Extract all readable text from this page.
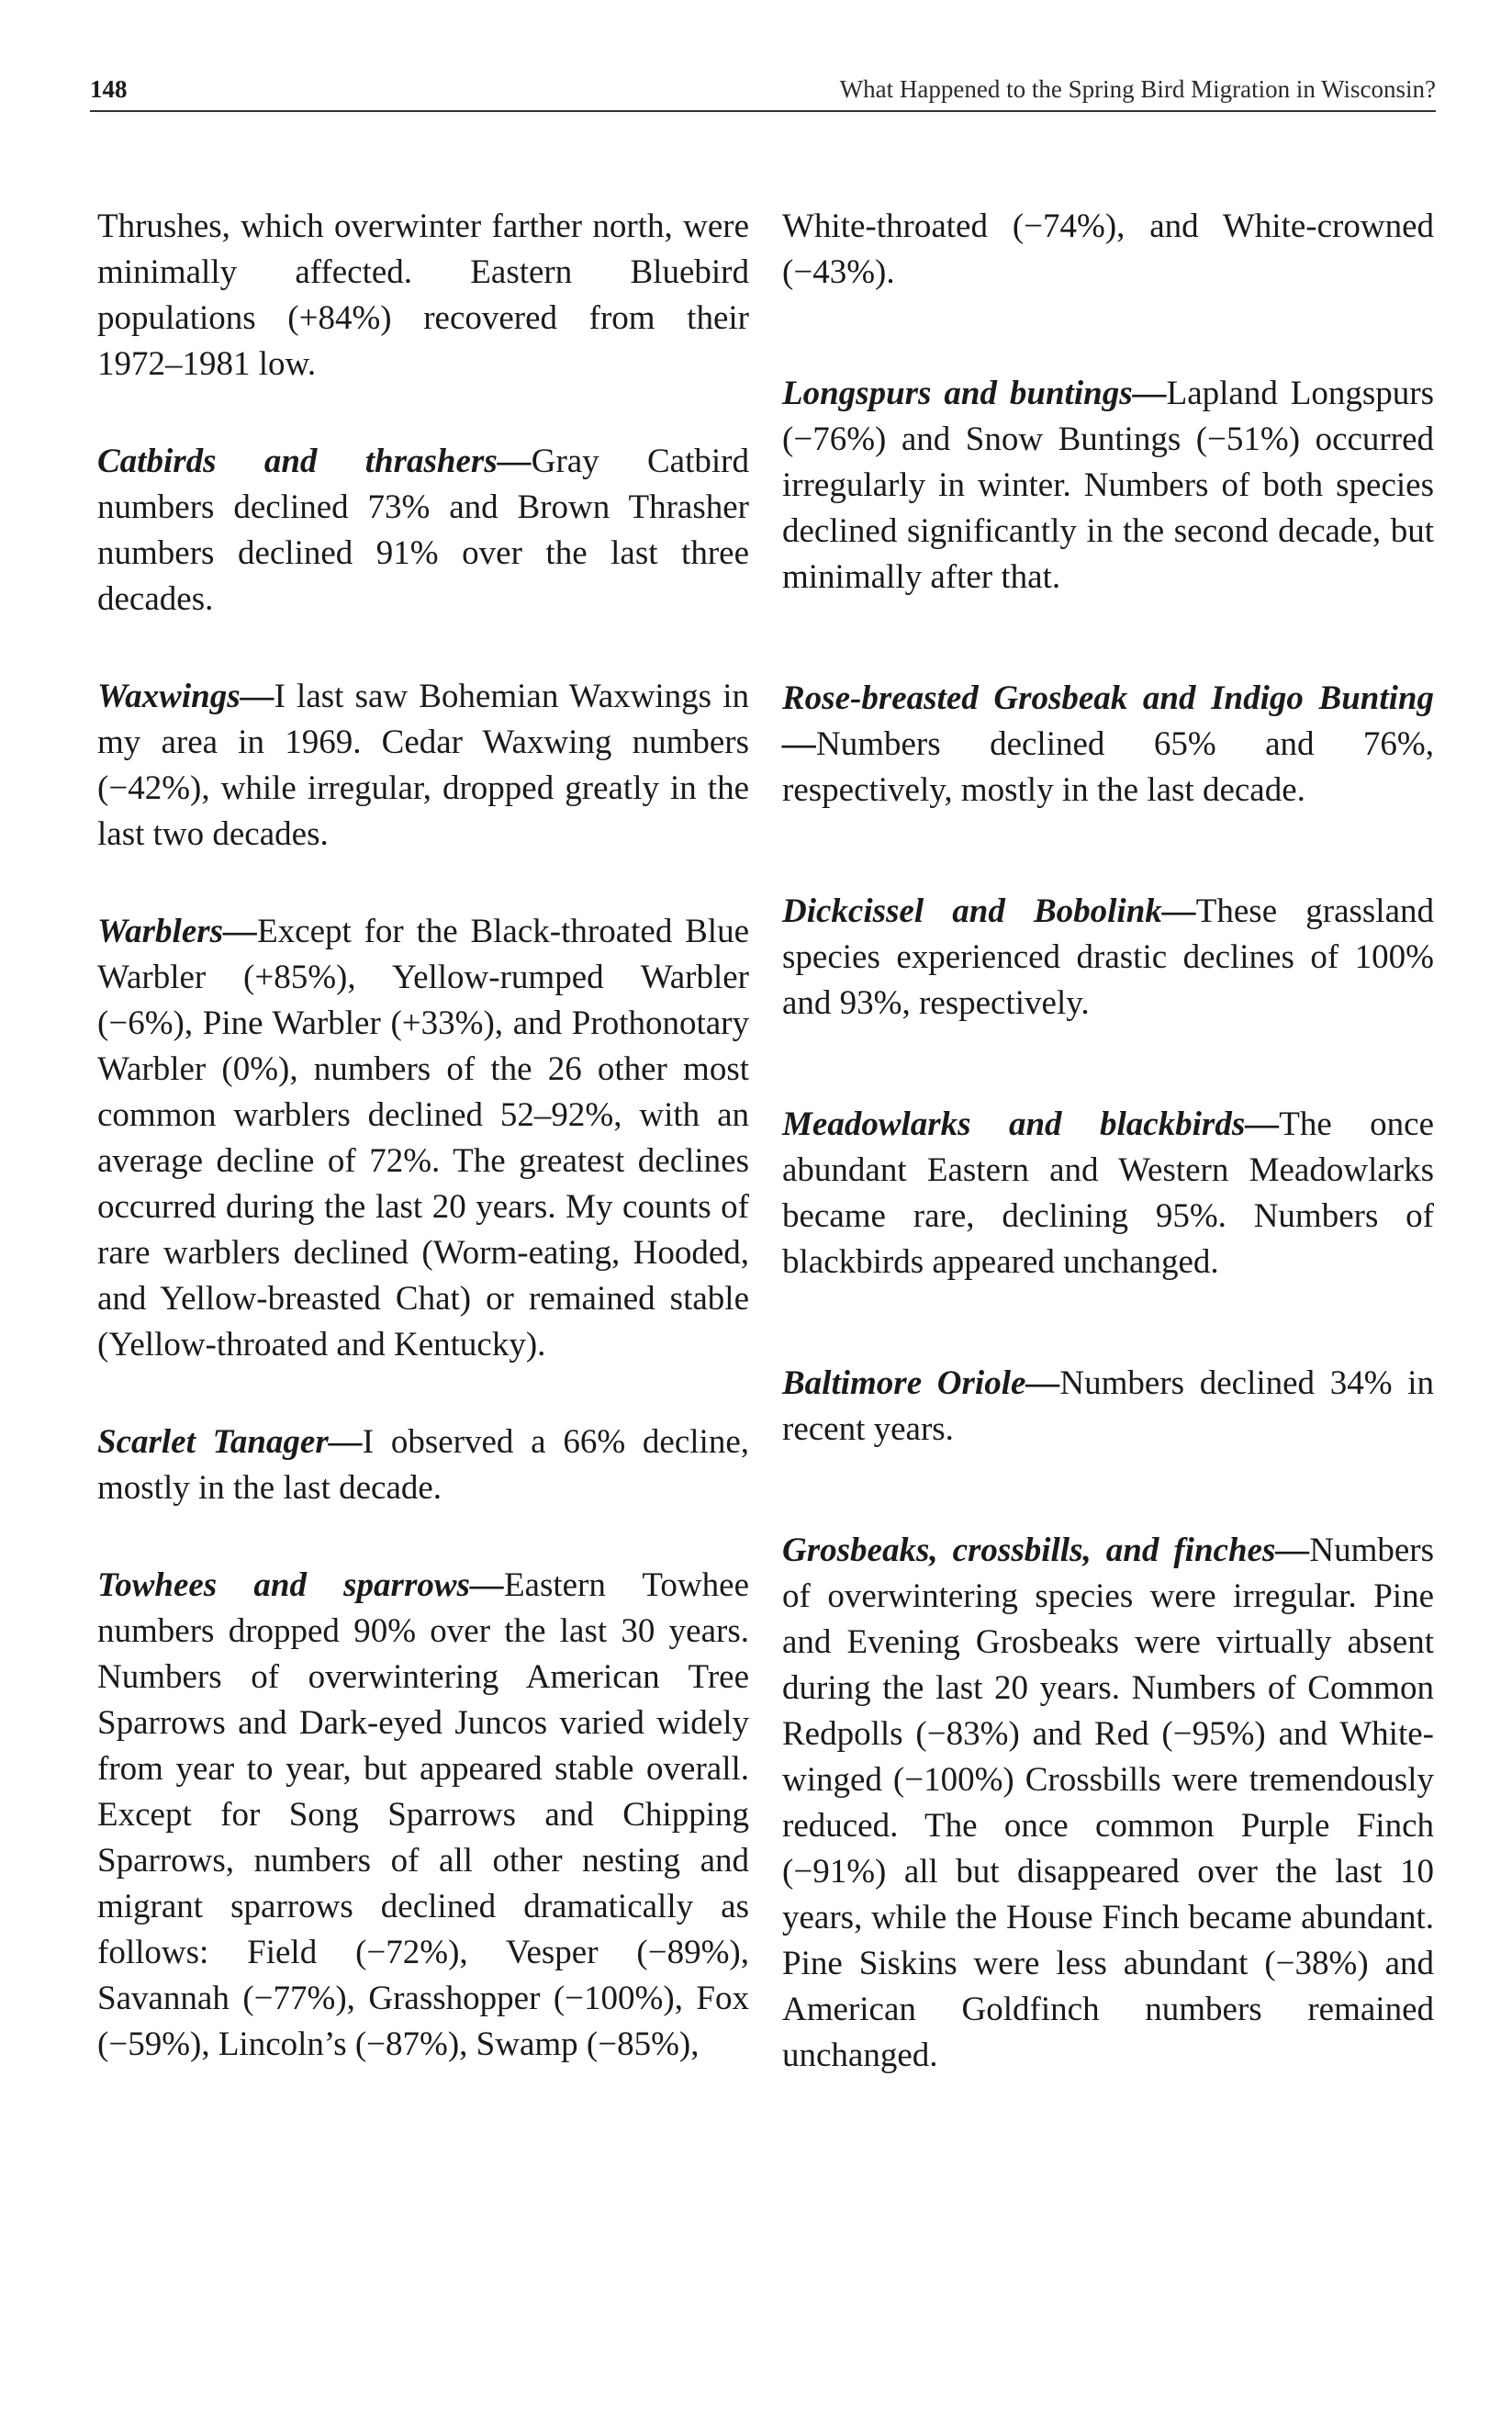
148	What Happened to the Spring Bird Migration in Wisconsin?

Thrushes, which overwinter farther north, were minimally affected. Eastern Bluebird populations (+84%) recovered from their 1972–1981 low.

Catbirds and thrashers—Gray Catbird numbers declined 73% and Brown Thrasher numbers declined 91% over the last three decades.

Waxwings—I last saw Bohemian Waxwings in my area in 1969. Cedar Waxwing numbers (−42%), while irregular, dropped greatly in the last two decades.

Warblers—Except for the Black-throated Blue Warbler (+85%), Yellow-rumped Warbler (−6%), Pine Warbler (+33%), and Prothonotary Warbler (0%), numbers of the 26 other most common warblers declined 52–92%, with an average decline of 72%. The greatest declines occurred during the last 20 years. My counts of rare warblers declined (Worm-eating, Hooded, and Yellow-breasted Chat) or remained stable (Yellow-throated and Kentucky).

Scarlet Tanager—I observed a 66% decline, mostly in the last decade.

Towhees and sparrows—Eastern Towhee numbers dropped 90% over the last 30 years. Numbers of overwintering American Tree Sparrows and Dark-eyed Juncos varied widely from year to year, but appeared stable overall. Except for Song Sparrows and Chipping Sparrows, numbers of all other nesting and migrant sparrows declined dramatically as follows: Field (−72%), Vesper (−89%), Savannah (−77%), Grasshopper (−100%), Fox (−59%), Lincoln’s (−87%), Swamp (−85%),

White-throated (−74%), and White-crowned (−43%).

Longspurs and buntings—Lapland Longspurs (−76%) and Snow Buntings (−51%) occurred irregularly in winter. Numbers of both species declined significantly in the second decade, but minimally after that.

Rose-breasted Grosbeak and Indigo Bunting—Numbers declined 65% and 76%, respectively, mostly in the last decade.

Dickcissel and Bobolink—These grassland species experienced drastic declines of 100% and 93%, respectively.

Meadowlarks and blackbirds—The once abundant Eastern and Western Meadowlarks became rare, declining 95%. Numbers of blackbirds appeared unchanged.

Baltimore Oriole—Numbers declined 34% in recent years.

Grosbeaks, crossbills, and finches—Numbers of overwintering species were irregular. Pine and Evening Grosbeaks were virtually absent during the last 20 years. Numbers of Common Redpolls (−83%) and Red (−95%) and White-winged (−100%) Crossbills were tremendously reduced. The once common Purple Finch (−91%) all but disappeared over the last 10 years, while the House Finch became abundant. Pine Siskins were less abundant (−38%) and American Goldfinch numbers remained unchanged.
